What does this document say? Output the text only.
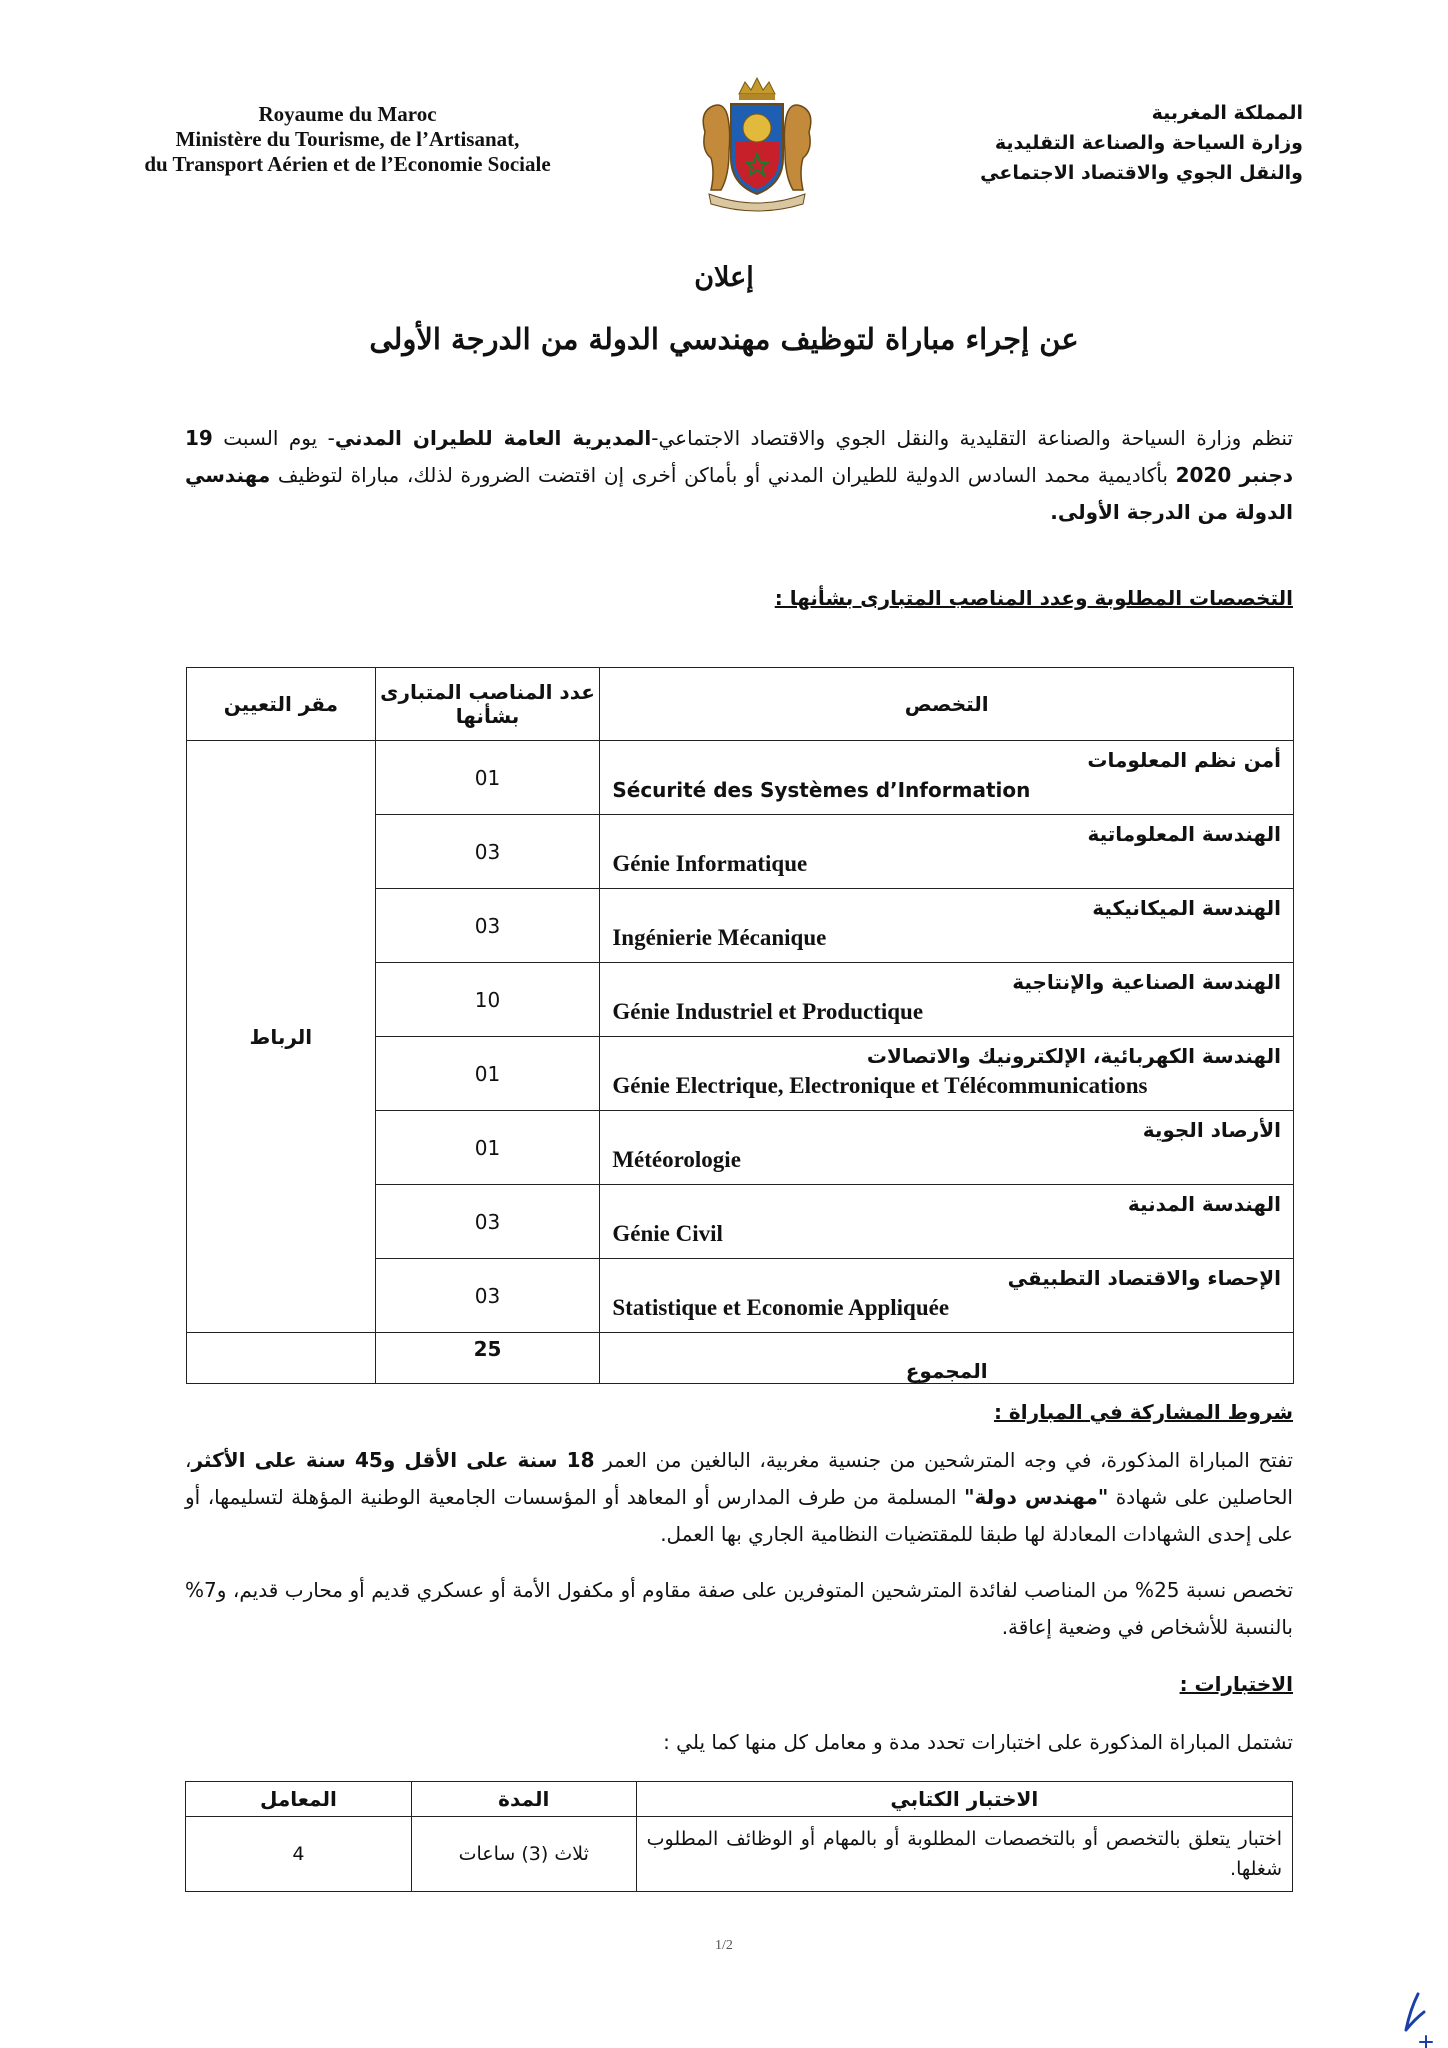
Royaume du Maroc
Ministère du Tourisme, de l’Artisanat,
du Transport Aérien et de l’Economie Sociale
المملكة المغربية
وزارة السياحة والصناعة التقليدية
والنقل الجوي والاقتصاد الاجتماعي
إعلان
عن إجراء مباراة لتوظيف مهندسي الدولة من الدرجة الأولى
تنظم وزارة السياحة والصناعة التقليدية والنقل الجوي والاقتصاد الاجتماعي-المديرية العامة للطيران المدني- يوم السبت 19 دجنبر 2020 بأكاديمية محمد السادس الدولية للطيران المدني أو بأماكن أخرى إن اقتضت الضرورة لذلك، مباراة لتوظيف مهندسي الدولة من الدرجة الأولى.
التخصصات المطلوبة وعدد المناصب المتبارى بشأنها :
التخصص	عدد المناصب المتبارى بشأنها	مقر التعيين

أمن نظم المعلومات
Sécurité des Systèmes d’Information	01	الرباط

الهندسة المعلوماتية
Génie Informatique	03	

الهندسة الميكانيكية
Ingénierie Mécanique	03	

الهندسة الصناعية والإنتاجية
Génie Industriel et Productique	10	

الهندسة الكهربائية، الإلكترونيك والاتصالات
Génie Electrique, Electronique et Télécommunications	01	

الأرصاد الجوية
Météorologie	01	

الهندسة المدنية
Génie Civil	03	

الإحصاء والاقتصاد التطبيقي
Statistique et Economie Appliquée	03	
المجموع	25	
شروط المشاركة في المباراة :
تفتح المباراة المذكورة، في وجه المترشحين من جنسية مغربية، البالغين من العمر 18 سنة على الأقل و45 سنة على الأكثر، الحاصلين على شهادة "مهندس دولة" المسلمة من طرف المدارس أو المعاهد أو المؤسسات الجامعية الوطنية المؤهلة لتسليمها، أو على إحدى الشهادات المعادلة لها طبقا للمقتضيات النظامية الجاري بها العمل.
تخصص نسبة 25% من المناصب لفائدة المترشحين المتوفرين على صفة مقاوم أو مكفول الأمة أو عسكري قديم أو محارب قديم، و7% بالنسبة للأشخاص في وضعية إعاقة.
الاختبارات :
تشتمل المباراة المذكورة على اختبارات تحدد مدة و معامل كل منها كما يلي :
الاختبار الكتابي	المدة	المعامل
اختبار يتعلق بالتخصص أو بالتخصصات المطلوبة أو بالمهام أو الوظائف المطلوب شغلها.	ثلاث (3) ساعات	4
1/2
